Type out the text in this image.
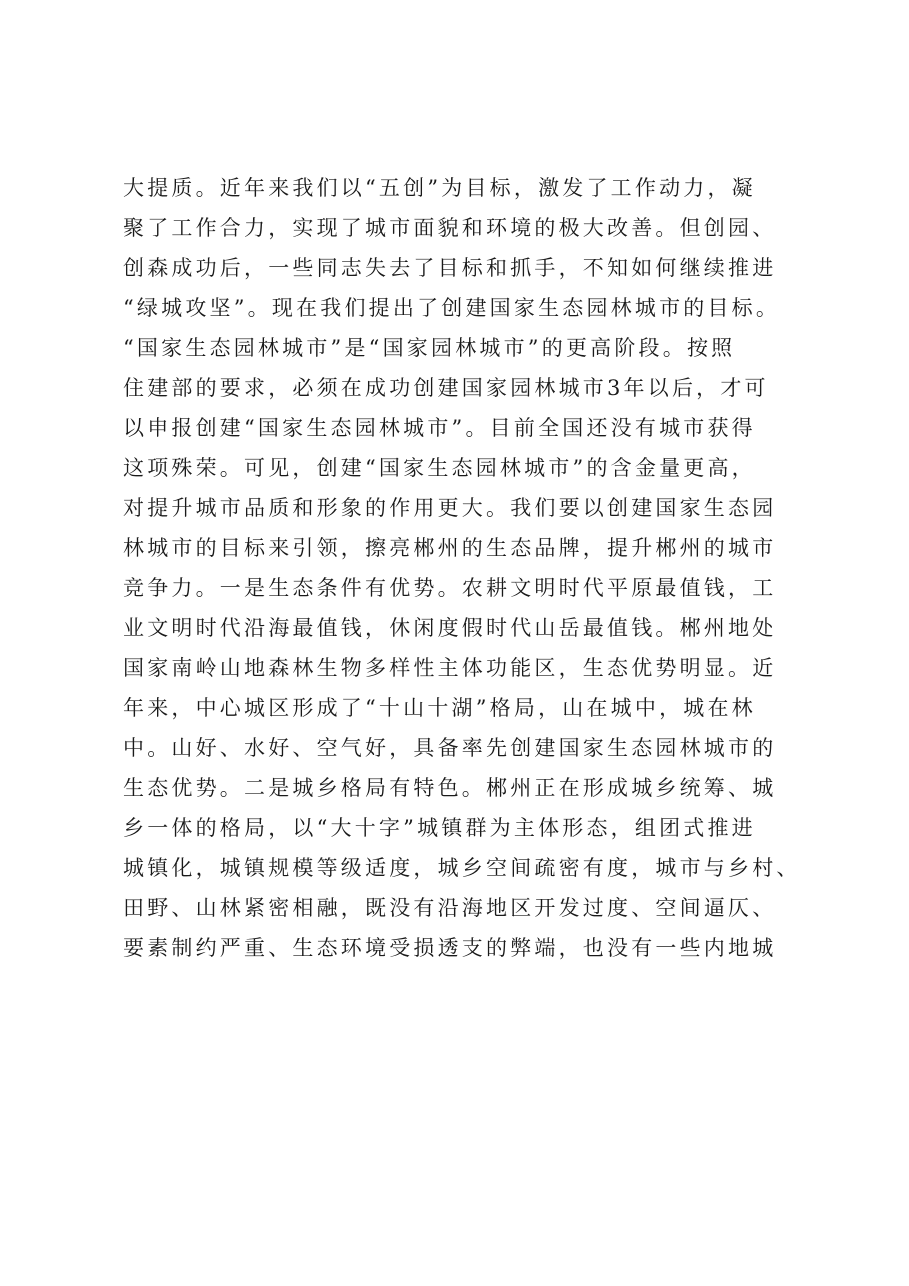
大提质。近年来我们以“五创”为目标，激发了工作动力，凝
聚了工作合力，实现了城市面貌和环境的极大改善。但创园、
创森成功后，一些同志失去了目标和抓手，不知如何继续推进
“绿城攻坚”。现在我们提出了创建国家生态园林城市的目标。
“国家生态园林城市”是“国家园林城市”的更高阶段。按照
住建部的要求，必须在成功创建国家园林城市3年以后，才可
以申报创建“国家生态园林城市”。目前全国还没有城市获得
这项殊荣。可见，创建“国家生态园林城市”的含金量更高，
对提升城市品质和形象的作用更大。我们要以创建国家生态园
林城市的目标来引领，擦亮郴州的生态品牌，提升郴州的城市
竞争力。一是生态条件有优势。农耕文明时代平原最值钱，工
业文明时代沿海最值钱，休闲度假时代山岳最值钱。郴州地处
国家南岭山地森林生物多样性主体功能区，生态优势明显。近
年来，中心城区形成了“十山十湖”格局，山在城中，城在林
中。山好、水好、空气好，具备率先创建国家生态园林城市的
生态优势。二是城乡格局有特色。郴州正在形成城乡统筹、城
乡一体的格局，以“大十字”城镇群为主体形态，组团式推进
城镇化，城镇规模等级适度，城乡空间疏密有度，城市与乡村、
田野、山林紧密相融，既没有沿海地区开发过度、空间逼仄、
要素制约严重、生态环境受损透支的弊端，也没有一些内地城
